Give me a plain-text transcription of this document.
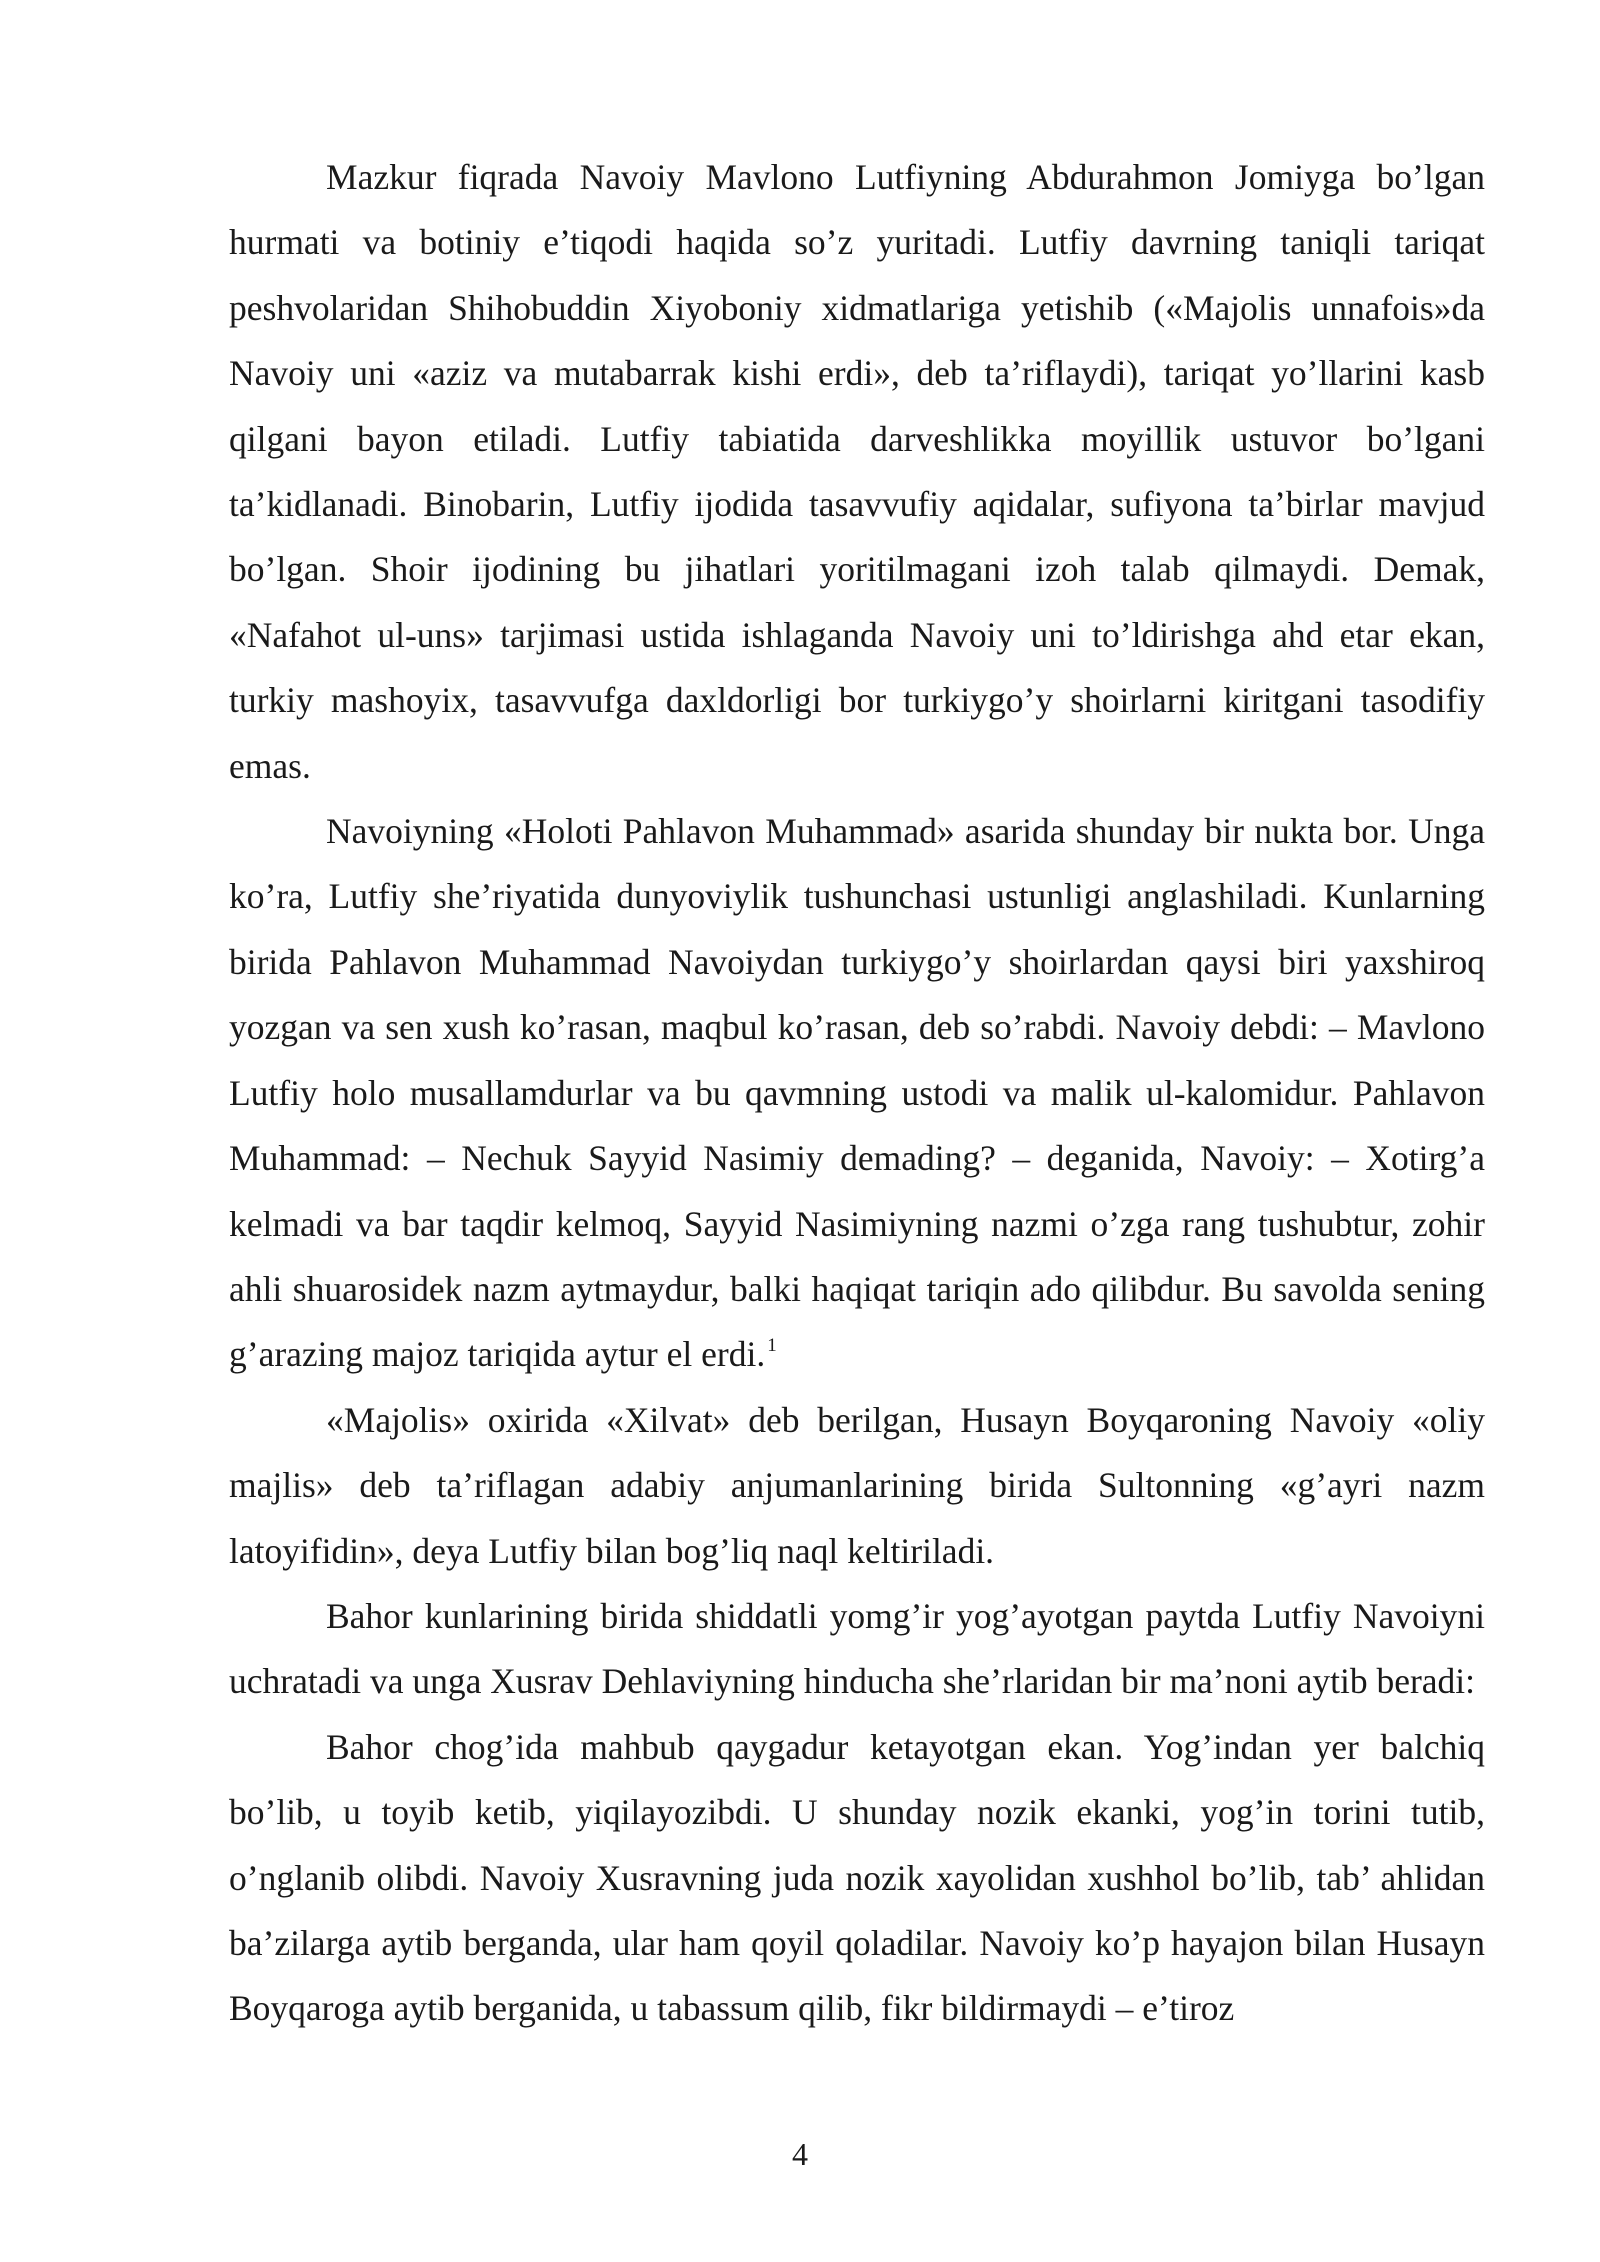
Mazkur fiqrada Navoiy Mavlono Lutfiyning Abdurahmon Jomiyga bo’lgan hurmati va botiniy e’tiqodi haqida so’z yuritadi. Lutfiy davrning taniqli tariqat peshvolaridan Shihobuddin Xiyoboniy xidmatlariga yetishib («Majolis unnafois»da Navoiy uni «aziz va mutabarrak kishi erdi», deb ta’riflaydi), tariqat yo’llarini kasb qilgani bayon etiladi. Lutfiy tabiatida darveshlikka moyillik ustuvor bo’lgani ta’kidlanadi. Binobarin, Lutfiy ijodida tasavvufiy aqidalar, sufiyona ta’birlar mavjud bo’lgan. Shoir ijodining bu jihatlari yoritilmagani izoh talab qilmaydi. Demak, «Nafahot ul-uns» tarjimasi ustida ishlaganda Navoiy uni to’ldirishga ahd etar ekan, turkiy mashoyix, tasavvufga daxldorligi bor turkiygo’y shoirlarni kiritgani tasodifiy emas.

Navoiyning «Holoti Pahlavon Muhammad» asarida shunday bir nukta bor. Unga ko’ra, Lutfiy she’riyatida dunyoviylik tushunchasi ustunligi anglashiladi. Kunlarning birida Pahlavon Muhammad Navoiydan turkiygo’y shoirlardan qaysi biri yaxshiroq yozgan va sen xush ko’rasan, maqbul ko’rasan, deb so’rabdi. Navoiy debdi: – Mavlono Lutfiy holo musallamdurlar va bu qavmning ustodi va malik ul-kalomidur. Pahlavon Muhammad: – Nechuk Sayyid Nasimiy demading? – deganida, Navoiy: – Xotirg’a kelmadi va bar taqdir kelmoq, Sayyid Nasimiyning nazmi o’zga rang tushubtur, zohir ahli shuarosidek nazm aytmaydur, balki haqiqat tariqin ado qilibdur. Bu savolda sening g’arazing majoz tariqida aytur el erdi. $^1$

«Majolis» oxirida «Xilvat» deb berilgan, Husayn Boyqaroning Navoiy «oliy majlis» deb ta’riflagan adabiy anjumanlarining birida Sultonning «g’ayri nazm latoyifidin», deya Lutfiy bilan bog’liq naql keltiriladi.

Bahor kunlarining birida shiddatli yomg’ir yog’ayotgan paytda Lutfiy Navoiyni uchratadi va unga Xusrav Dehlaviyning hinducha she’rlaridan bir ma’noni aytib beradi:

Bahor chog’ida mahbub qaygadur ketayotgan ekan. Yog’indan yer balchiq bo’lib, u toyib ketib, yiqilayozibdi. U shunday nozik ekanki, yog’in torini tutib, o’nglanib olibdi. Navoiy Xusravning juda nozik xayolidan xushhol bo’lib, tab’ ahlidan ba’zilarga aytib berganda, ular ham qoyil qoladilar. Navoiy ko’p hayajon bilan Husayn Boyqaroga aytib berganida, u tabassum qilib, fikr bildirmaydi – e’tiroz

4
